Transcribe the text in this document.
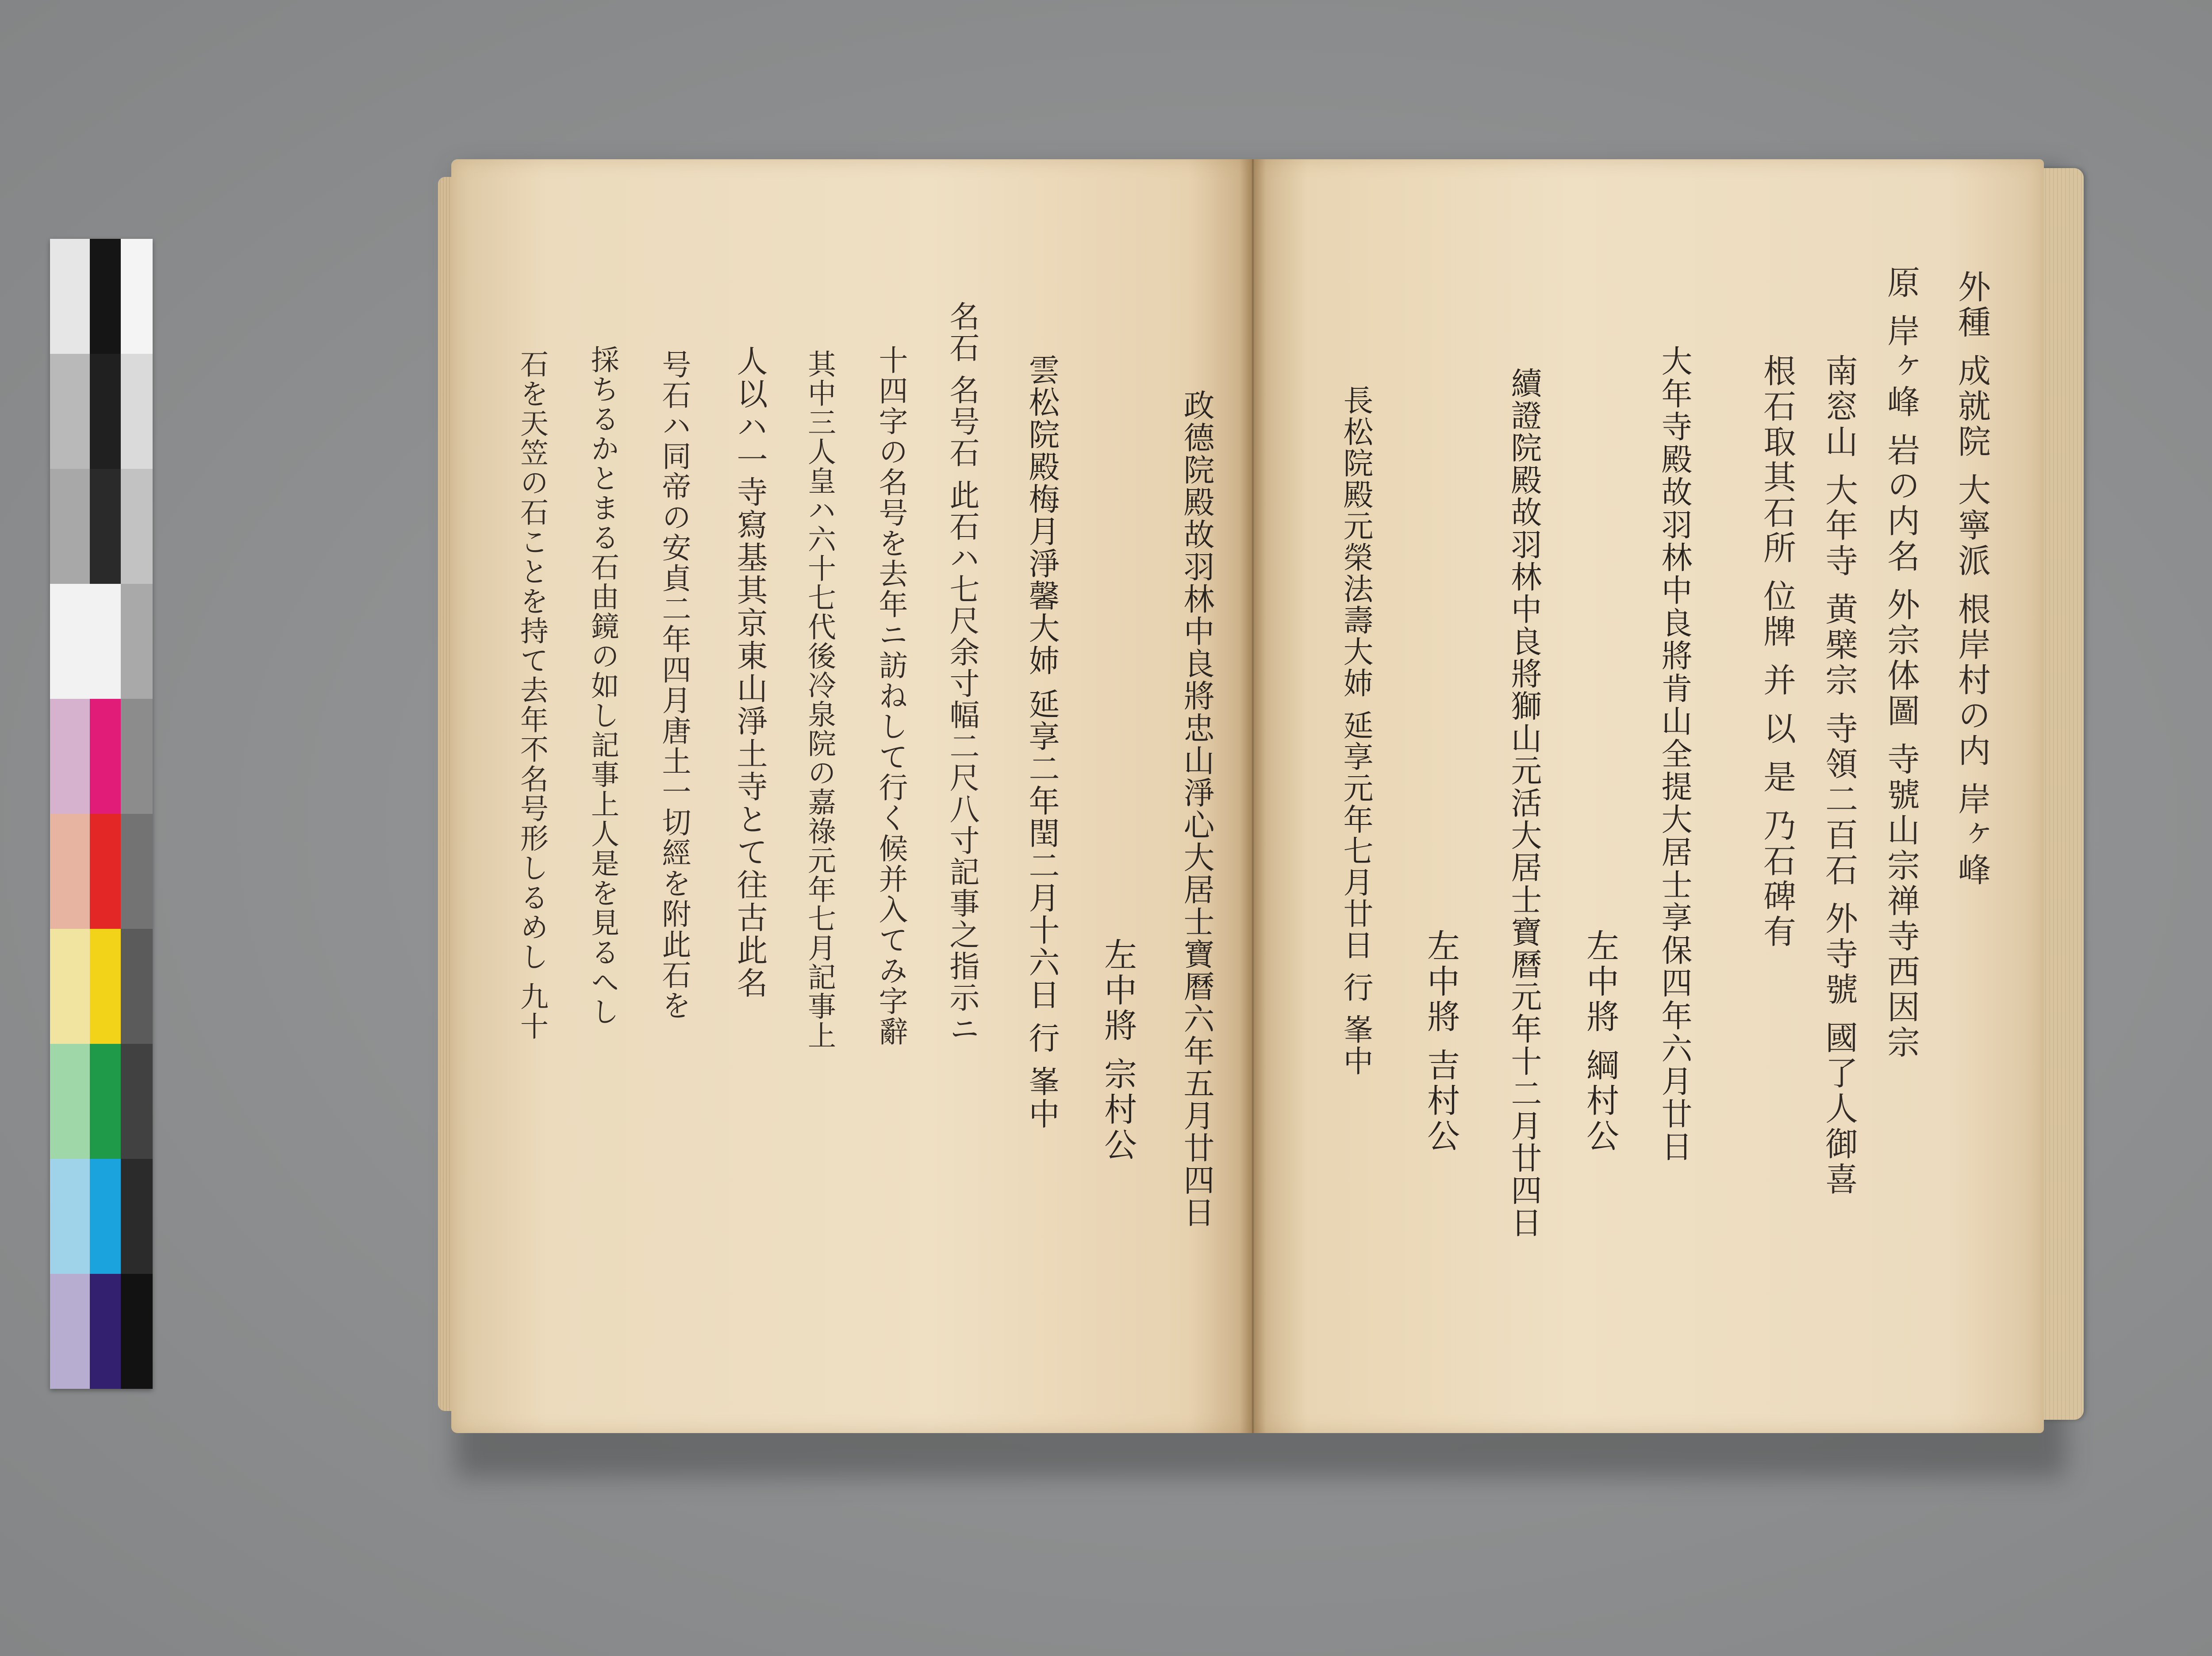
外種 成就院 大寧派 根岸村の内 岸ヶ峰
原 岸ヶ峰 岩の内名 外宗体圖 寺號山宗禅寺西因宗
南窓山 大年寺 黄檗宗 寺領二百石 外寺號 國了人御喜
根石取其石所 位牌 并 以 是 乃石碑有
大年寺殿故羽林中良將肯山全提大居士享保四年六月廿日
左中將 綱村公
續證院殿故羽林中良將獅山元活大居士寶曆元年十二月廿四日
左中將 吉村公
長松院殿元榮法壽大姉 延享元年七月廿日 行 峯中
政德院殿故羽林中良將忠山淨心大居士寶曆六年五月廿四日
左中將 宗村公
雲松院殿梅月淨馨大姉 延享二年閏二月十六日 行 峯中
名石 名号石 此石ハ七尺余寸幅二尺八寸記事之指示ニ
十四字の名号を去年ニ訪ねして行く候并入てみ字辭
其中三人皇ハ六十七代後冷泉院の嘉祿元年七月記事上
人以ハ一寺寫基其京東山淨土寺とて往古此名
号石ハ同帝の安貞二年四月唐土一切經を附此石を
採ちるかとまる石由鏡の如し記事上人是を見るへし
石を天笠の石ことを持て去年不名号形しるめし 九十
